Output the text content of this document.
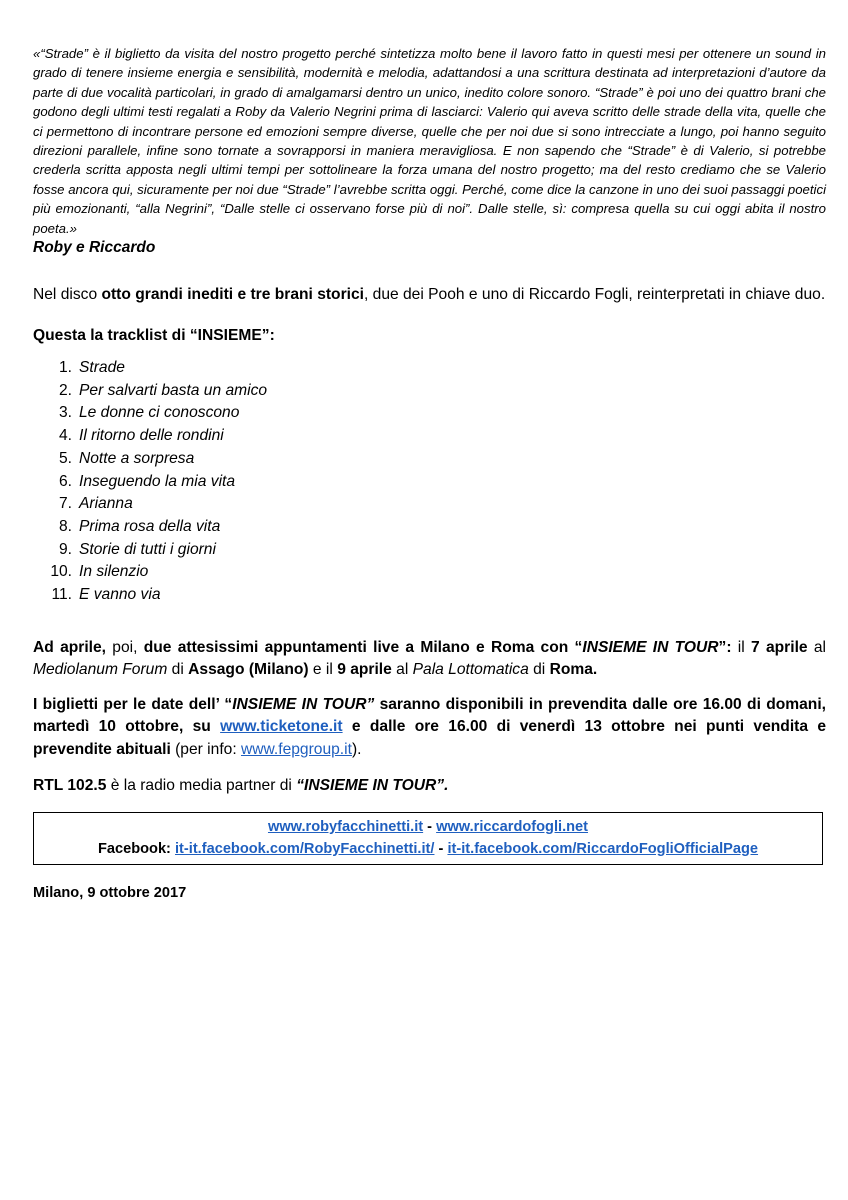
«“Strade” è il biglietto da visita del nostro progetto perché sintetizza molto bene il lavoro fatto in questi mesi per ottenere un sound in grado di tenere insieme energia e sensibilità, modernità e melodia, adattandosi a una scrittura destinata ad interpretazioni d’autore da parte di due vocalità particolari, in grado di amalgamarsi dentro un unico, inedito colore sonoro. “Strade” è poi uno dei quattro brani che godono degli ultimi testi regalati a Roby da Valerio Negrini prima di lasciarci: Valerio qui aveva scritto delle strade della vita, quelle che ci permettono di incontrare persone ed emozioni sempre diverse, quelle che per noi due si sono intrecciate a lungo, poi hanno seguito direzioni parallele, infine sono tornate a sovrapporsi in maniera meravigliosa. E non sapendo che “Strade” è di Valerio, si potrebbe crederla scritta apposta negli ultimi tempi per sottolineare la forza umana del nostro progetto; ma del resto crediamo che se Valerio fosse ancora qui, sicuramente per noi due “Strade” l’avrebbe scritta oggi. Perché, come dice la canzone in uno dei suoi passaggi poetici più emozionanti, “alla Negrini”, “Dalle stelle ci osservano forse più di noi”. Dalle stelle, sì: compresa quella su cui oggi abita il nostro poeta.»

Roby e Riccardo

Nel disco otto grandi inediti e tre brani storici, due dei Pooh e uno di Riccardo Fogli, reinterpretati in chiave duo.

Questa la tracklist di “INSIEME”:

1. Strade
2. Per salvarti basta un amico
3. Le donne ci conoscono
4. Il ritorno delle rondini
5. Notte a sorpresa
6. Inseguendo la mia vita
7. Arianna
8. Prima rosa della vita
9. Storie di tutti i giorni
10. In silenzio
11. E vanno via

Ad aprile, poi, due attesissimi appuntamenti live a Milano e Roma con “INSIEME IN TOUR”: il 7 aprile al Mediolanum Forum di Assago (Milano) e il 9 aprile al Pala Lottomatica di Roma.

I biglietti per le date dell’ “INSIEME IN TOUR” saranno disponibili in prevendita dalle ore 16.00 di domani, martedì 10 ottobre, su www.ticketone.it e dalle ore 16.00 di venerdì 13 ottobre nei punti vendita e prevendite abituali (per info: www.fepgroup.it).

RTL 102.5 è la radio media partner di “INSIEME IN TOUR”.

www.robyfacchinetti.it - www.riccardofogli.net
Facebook: it-it.facebook.com/RobyFacchinetti.it/ - it-it.facebook.com/RiccardoFogliOfficialPage
Milano, 9 ottobre 2017
